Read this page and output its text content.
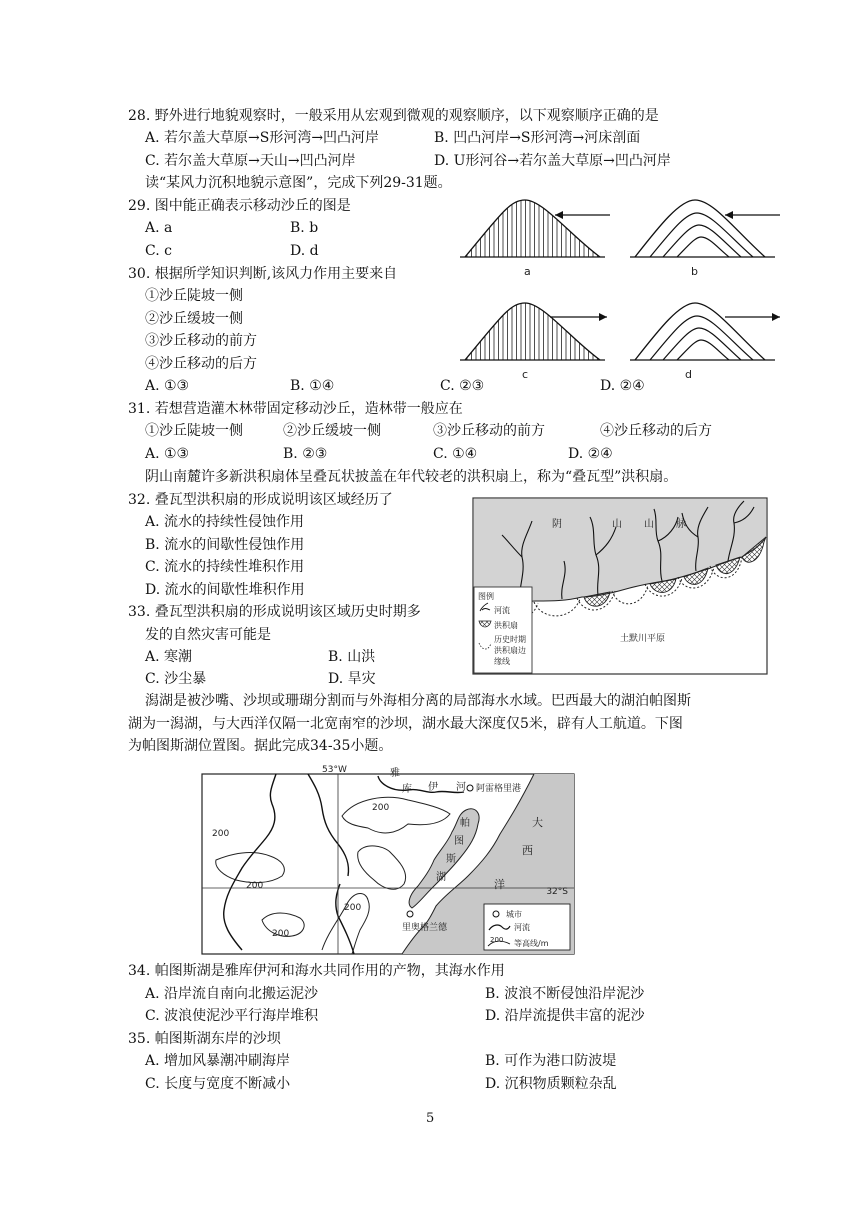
28. 野外进行地貌观察时，一般采用从宏观到微观的观察顺序，以下观察顺序正确的是
A. 若尔盖大草原→S形河湾→凹凸河岸	B. 凹凸河岸→S形河湾→河床剖面
C. 若尔盖大草原→天山→凹凸河岸	D. U形河谷→若尔盖大草原→凹凸河岸
读“某风力沉积地貌示意图”，完成下列29-31题。
29. 图中能正确表示移动沙丘的图是
A. a	B. b
C. c	D. d
30. 根据所学知识判断,该风力作用主要来自
①沙丘陡坡一侧
②沙丘缓坡一侧
③沙丘移动的前方
④沙丘移动的后方
A. ①③	B. ①④	C. ②③	D. ②④
31. 若想营造灌木林带固定移动沙丘，造林带一般应在
①沙丘陡坡一侧	②沙丘缓坡一侧	③沙丘移动的前方	④沙丘移动的后方
A. ①③	B. ②③	C. ①④	D. ②④
阴山南麓许多新洪积扇体呈叠瓦状披盖在年代较老的洪积扇上，称为“叠瓦型”洪积扇。
32. 叠瓦型洪积扇的形成说明该区域经历了
A. 流水的持续性侵蚀作用
B. 流水的间歇性侵蚀作用
C. 流水的持续性堆积作用
D. 流水的间歇性堆积作用
33. 叠瓦型洪积扇的形成说明该区域历史时期多
发的自然灾害可能是
A. 寒潮	B. 山洪
C. 沙尘暴	D. 旱灾
潟湖是被沙嘴、沙坝或珊瑚分割而与外海相分离的局部海水水域。巴西最大的湖泊帕图斯
湖为一潟湖，与大西洋仅隔一北宽南窄的沙坝，湖水最大深度仅5米，辟有人工航道。下图
为帕图斯湖位置图。据此完成34-35小题。
34. 帕图斯湖是雅库伊河和海水共同作用的产物，其海水作用
A. 沿岸流自南向北搬运泥沙	B. 波浪不断侵蚀沿岸泥沙
C. 波浪使泥沙平行海岸堆积	D. 沿岸流提供丰富的泥沙
35. 帕图斯湖东岸的沙坝
A. 增加风暴潮冲刷海岸	B. 可作为港口防波堤
C. 长度与宽度不断减小	D. 沉积物质颗粒杂乱
5
a	b
c	d
阴	山 山 脉
土默川平原
图例
河流
洪积扇
历史时期
洪积扇边
缘线
53°W
32°S
阿雷格里港
里奥格兰德
雅
库 伊 河
帕
图
斯
湖
大
西
洋
200
200
200
200
200
城市
河流
200 等高线/m
